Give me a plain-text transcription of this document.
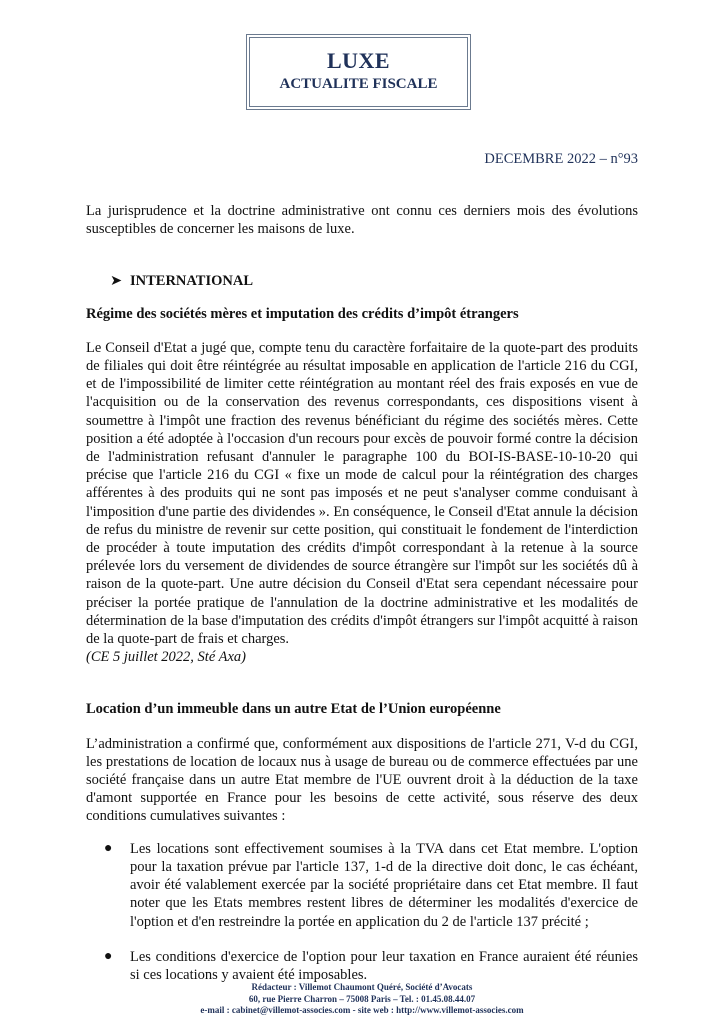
LUXE
ACTUALITE FISCALE
DECEMBRE 2022 – n°93

La jurisprudence et la doctrine administrative ont connu ces derniers mois des évolutions susceptibles de concerner les maisons de luxe.

➤ INTERNATIONAL
Régime des sociétés mères et imputation des crédits d’impôt étrangers

Le Conseil d'Etat a jugé que, compte tenu du caractère forfaitaire de la quote-part des produits de filiales qui doit être réintégrée au résultat imposable en application de l'article 216 du CGI, et de l'impossibilité de limiter cette réintégration au montant réel des frais exposés en vue de l'acquisition ou de la conservation des revenus correspondants, ces dispositions visent à soumettre à l'impôt une fraction des revenus bénéficiant du régime des sociétés mères. Cette position a été adoptée à l'occasion d'un recours pour excès de pouvoir formé contre la décision de l'administration refusant d'annuler le paragraphe 100 du BOI-IS-BASE-10-10-20 qui précise que l'article 216 du CGI « fixe un mode de calcul pour la réintégration des charges afférentes à des produits qui ne sont pas imposés et ne peut s'analyser comme conduisant à l'imposition d'une partie des dividendes ». En conséquence, le Conseil d'Etat annule la décision de refus du ministre de revenir sur cette position, qui constituait le fondement de l'interdiction de procéder à toute imputation des crédits d'impôt correspondant à la retenue à la source prélevée lors du versement de dividendes de source étrangère sur l'impôt sur les sociétés dû à raison de la quote-part. Une autre décision du Conseil d'Etat sera cependant nécessaire pour préciser la portée pratique de l'annulation de la doctrine administrative et les modalités de détermination de la base d'imputation des crédits d'impôt étrangers sur l'impôt acquitté à raison de la quote-part de frais et charges.

(CE 5 juillet 2022, Sté Axa)

Location d’un immeuble dans un autre Etat de l’Union européenne

L’administration a confirmé que, conformément aux dispositions de l'article 271, V-d du CGI, les prestations de location de locaux nus à usage de bureau ou de commerce effectuées par une société française dans un autre Etat membre de l'UE ouvrent droit à la déduction de la taxe d'amont supportée en France pour les besoins de cette activité, sous réserve des deux conditions cumulatives suivantes :

● Les locations sont effectivement soumises à la TVA dans cet Etat membre. L'option pour la taxation prévue par l'article 137, 1-d de la directive doit donc, le cas échéant, avoir été valablement exercée par la société propriétaire dans cet Etat membre. Il faut noter que les Etats membres restent libres de déterminer les modalités d'exercice de l'option et d'en restreindre la portée en application du 2 de l'article 137 précité ;
● Les conditions d'exercice de l'option pour leur taxation en France auraient été réunies si ces locations y avaient été imposables.
Rédacteur : Villemot Chaumont Quéré, Société d’Avocats
60, rue Pierre Charron – 75008 Paris – Tel. : 01.45.08.44.07
e-mail : cabinet@villemot-associes.com - site web : http://www.villemot-associes.com
